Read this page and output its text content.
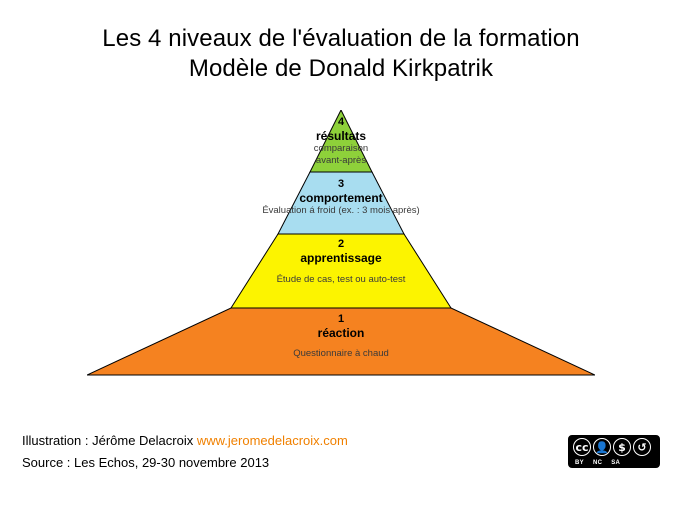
Les 4 niveaux de l'évaluation de la formation
Modèle de Donald Kirkpatrik
4
résultats
comparaison
avant-après
3
comportement
Évaluation á froid (ex. : 3 mois après)
2
apprentissage
Étude de cas, test ou auto-test
1
réaction
Questionnaire à chaud
Illustration : Jérôme Delacroix www.jeromedelacroix.com
Source : Les Echos, 29-30 novembre 2013
cc 👤 $	↺
BY NC SA
